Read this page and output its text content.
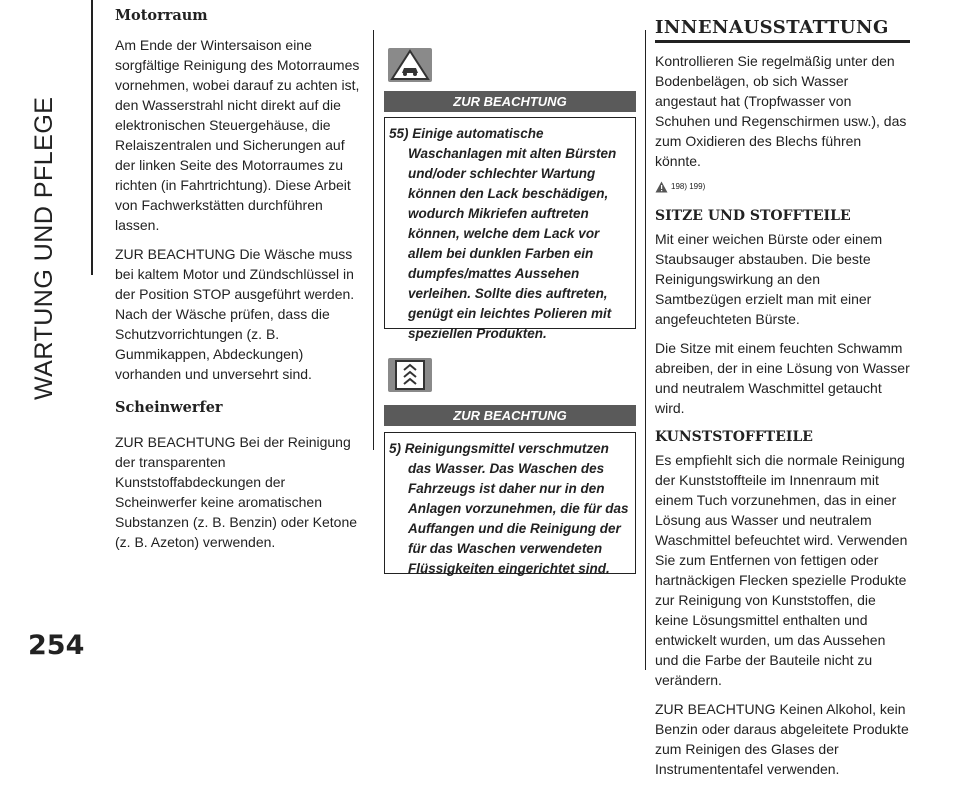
WARTUNG UND PFLEGE
254
Motorraum

Am Ende der Wintersaison eine sorgfältige Reinigung des Motorraumes vornehmen, wobei darauf zu achten ist, den Wasserstrahl nicht direkt auf die elektronischen Steuergehäuse, die Relaiszentralen und Sicherungen auf der linken Seite des Motorraumes zu richten (in Fahrtrichtung). Diese Arbeit von Fachwerkstätten durchführen lassen.

ZUR BEACHTUNG Die Wäsche muss bei kaltem Motor und Zündschlüssel in der Position STOP ausgeführt werden. Nach der Wäsche prüfen, dass die Schutzvorrichtungen (z. B. Gummikappen, Abdeckungen) vorhanden und unversehrt sind.

Scheinwerfer

ZUR BEACHTUNG Bei der Reinigung der transparenten Kunststoffabdeckungen der Scheinwerfer keine aromatischen Substanzen (z. B. Benzin) oder Ketone (z. B. Azeton) verwenden.

ZUR BEACHTUNG
55) Einige automatische Waschanlagen mit alten Bürsten und/oder schlechter Wartung können den Lack beschädigen, wodurch Mikriefen auftreten können, welche dem Lack vor allem bei dunklen Farben ein dumpfes/mattes Aussehen verleihen. Sollte dies auftreten, genügt ein leichtes Polieren mit speziellen Produkten.
ZUR BEACHTUNG
5) Reinigungsmittel verschmutzen das Wasser. Das Waschen des Fahrzeugs ist daher nur in den Anlagen vorzunehmen, die für das Auffangen und die Reinigung der für das Waschen verwendeten Flüssigkeiten eingerichtet sind.
INNENAUSSTATTUNG

Kontrollieren Sie regelmäßig unter den Bodenbelägen, ob sich Wasser angestaut hat (Tropfwasser von Schuhen und Regenschirmen usw.), das zum Oxidieren des Blechs führen könnte.

198) 199)
SITZE UND STOFFTEILE

Mit einer weichen Bürste oder einem Staubsauger abstauben. Die beste Reinigungswirkung an den Samtbezügen erzielt man mit einer angefeuchteten Bürste.

Die Sitze mit einem feuchten Schwamm abreiben, der in eine Lösung von Wasser und neutralem Waschmittel getaucht wird.

KUNSTSTOFFTEILE

Es empfiehlt sich die normale Reinigung der Kunststoffteile im Innenraum mit einem Tuch vorzunehmen, das in einer Lösung aus Wasser und neutralem Waschmittel befeuchtet wird. Verwenden Sie zum Entfernen von fettigen oder hartnäckigen Flecken spezielle Produkte zur Reinigung von Kunststoffen, die keine Lösungsmittel enthalten und entwickelt wurden, um das Aussehen und die Farbe der Bauteile nicht zu verändern.

ZUR BEACHTUNG Keinen Alkohol, kein Benzin oder daraus abgeleitete Produkte zum Reinigen des Glases der Instrumententafel verwenden.
